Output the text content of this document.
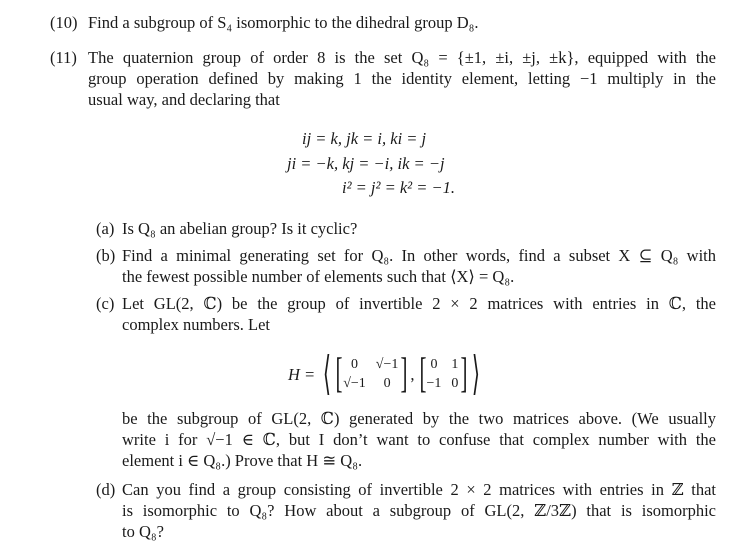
(10) Find a subgroup of S₄ isomorphic to the dihedral group D₈.
(11) The quaternion group of order 8 is the set Q₈ = {±1, ±i, ±j, ±k}, equipped with the
group operation defined by making 1 the identity element, letting −1 multiply in the
usual way, and declaring that
ij = k, jk = i, ki = j
ji = −k, kj = −i, ik = −j
i² = j² = k² = −1.
(a) Is Q₈ an abelian group? Is it cyclic?
(b) Find a minimal generating set for Q₈. In other words, find a subset X ⊆ Q₈ with
the fewest possible number of elements such that ⟨X⟩ = Q₈.
(c) Let GL(2, ℂ) be the group of invertible 2 × 2 matrices with entries in ℂ, the
complex numbers. Let
H = ⟨ [ 0	√−1
√−1	0 ] , [ 0 1
−1 0 ] ⟩
be the subgroup of GL(2, ℂ) generated by the two matrices above. (We usually
write i for √−1 ∈ ℂ, but I don’t want to confuse that complex number with the
element i ∈ Q₈.) Prove that H ≅ Q₈.
(d) Can you find a group consisting of invertible 2 × 2 matrices with entries in ℤ that
is isomorphic to Q₈? How about a subgroup of GL(2, ℤ/3ℤ) that is isomorphic
to Q₈?
